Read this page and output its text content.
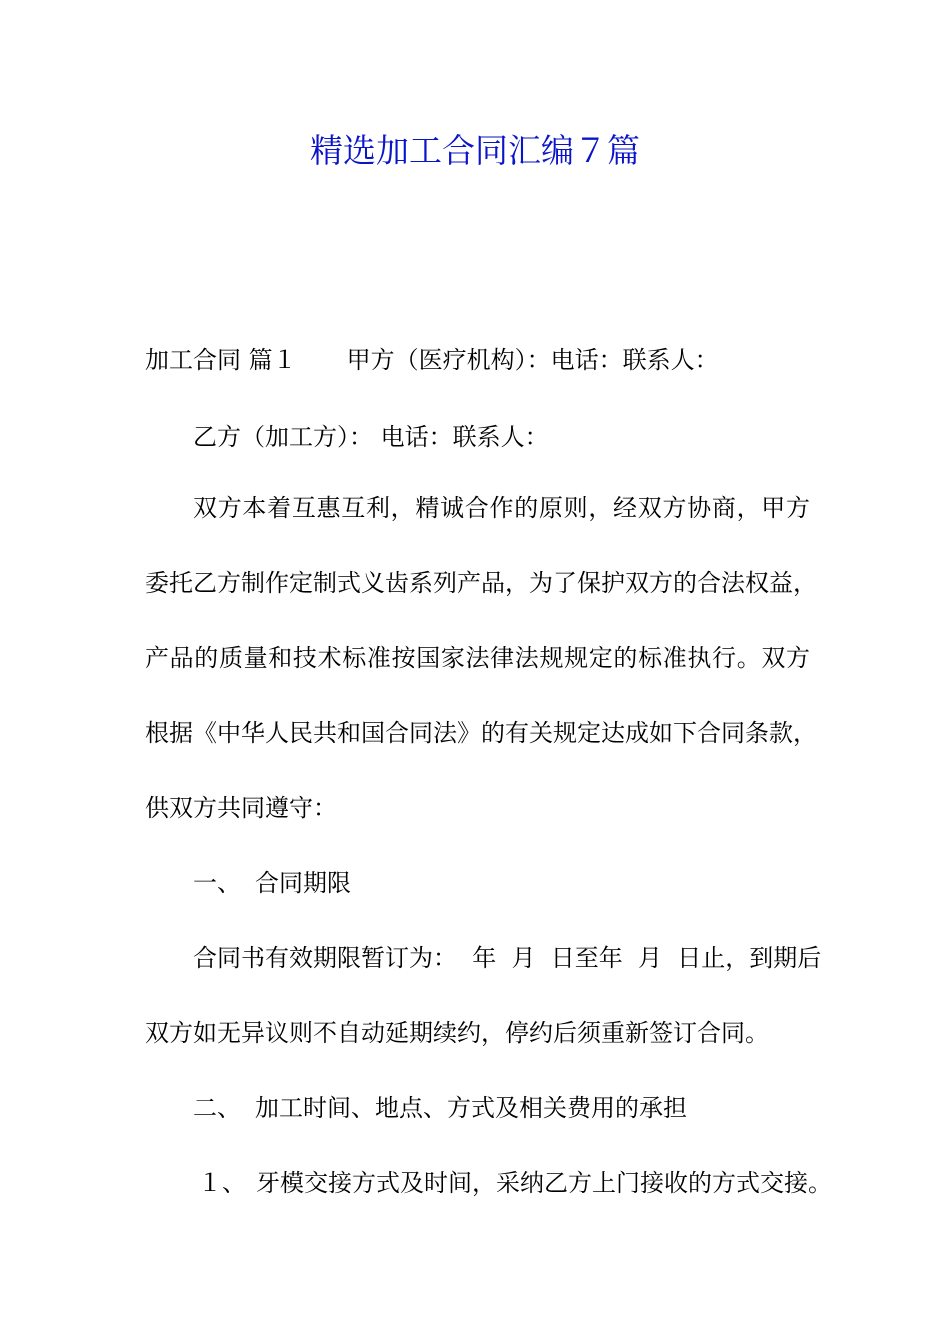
精选加工合同汇编７篇
加工合同 篇１ 甲方（医疗机构）：电话：联系人：
乙方（加工方）： 电话：联系人：
双方本着互惠互利，精诚合作的原则，经双方协商，甲方
委托乙方制作定制式义齿系列产品，为了保护双方的合法权益，
产品的质量和技术标准按国家法律法规规定的标准执行。双方
根据《中华人民共和国合同法》的有关规定达成如下合同条款，
供双方共同遵守：
一、 合同期限
合同书有效期限暂订为：  年  月  日至年  月  日止，到期后
双方如无异议则不自动延期续约，停约后须重新签订合同。
二、 加工时间、地点、方式及相关费用的承担
１、 牙模交接方式及时间，采纳乙方上门接收的方式交接。
